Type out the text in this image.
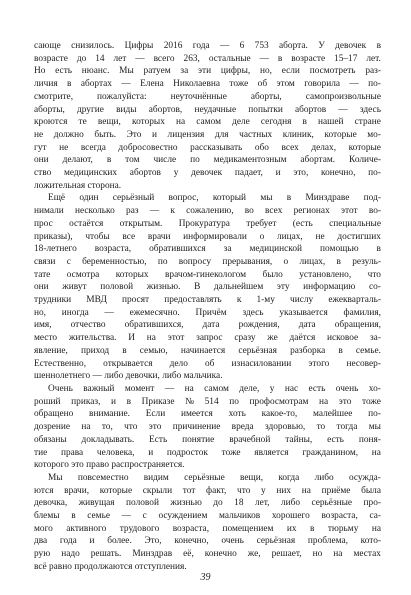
сающе снизилось. Цифры 2016 года — 6 753 аборта. У девочек в
возрасте до 14 лет — всего 263, остальные — в возрасте 15–17 лет.
Но есть нюанс. Мы ратуем за эти цифры, но, если посмотреть раз-
личия в абортах — Елена Николаевна тоже об этом говорила — по-
смотрите,	пожалуйста:	неуточнённые	аборты,	самопроизвольные
аборты, другие виды абортов, неудачные попытки абортов — здесь
кроются те вещи, которых на самом деле сегодня в нашей стране
не должно быть. Это и лицензия для частных клиник, которые мо-
гут не всегда добросовестно рассказывать обо всех делах, которые
они делают, в том числе по медикаментозным абортам. Количе-
ство медицинских абортов у девочек падает, и это, конечно, по-
ложительная сторона.
Ещё один серьёзный вопрос, который мы в Минздраве под-
нимали несколько раз — к сожалению, во всех регионах этот во-
прос остаётся открытым. Прокуратура требует (есть специальные
приказы), чтобы все врачи информировали о лицах, не достигших
18-летнего возраста, обратившихся за медицинской помощью в
связи с беременностью, по вопросу прерывания, о лицах, в резуль-
тате осмотра которых врачом-гинекологом было установлено, что
они живут половой жизнью. В дальнейшем эту информацию со-
трудники МВД просят предоставлять к 1-му числу ежекварталь-
но, иногда — ежемесячно. Причём здесь указывается фамилия,
имя, отчество обратившихся, дата рождения, дата обращения,
место жительства. И на этот запрос сразу же даётся исковое за-
явление, приход в семью, начинается серьёзная разборка в семье.
Естественно, открывается дело об изнасиловании этого несовер-
шеннолетнего — либо девочки, либо мальчика.
Очень важный момент — на самом деле, у нас есть очень хо-
роший приказ, и в Приказе № 514 по профосмотрам на это тоже
обращено внимание. Если имеется хоть какое-то, малейшее по-
дозрение на то, что это причинение вреда здоровью, то тогда мы
обязаны докладывать. Есть понятие врачебной тайны, есть поня-
тие права человека, и подросток тоже является гражданином, на
которого это право распространяется.
Мы повсеместно видим серьёзные вещи, когда либо осужда-
ются врачи, которые скрыли тот факт, что у них на приёме была
девочка, живущая половой жизнью до 18 лет, либо серьёзные про-
блемы в семье — с осуждением мальчиков хорошего возраста, са-
мого активного трудового возраста, помещением их в тюрьму на
два года и более. Это, конечно, очень серьёзная проблема, кото-
рую надо решать. Минздрав её, конечно же, решает, но на местах
всё равно продолжаются отступления.
39
